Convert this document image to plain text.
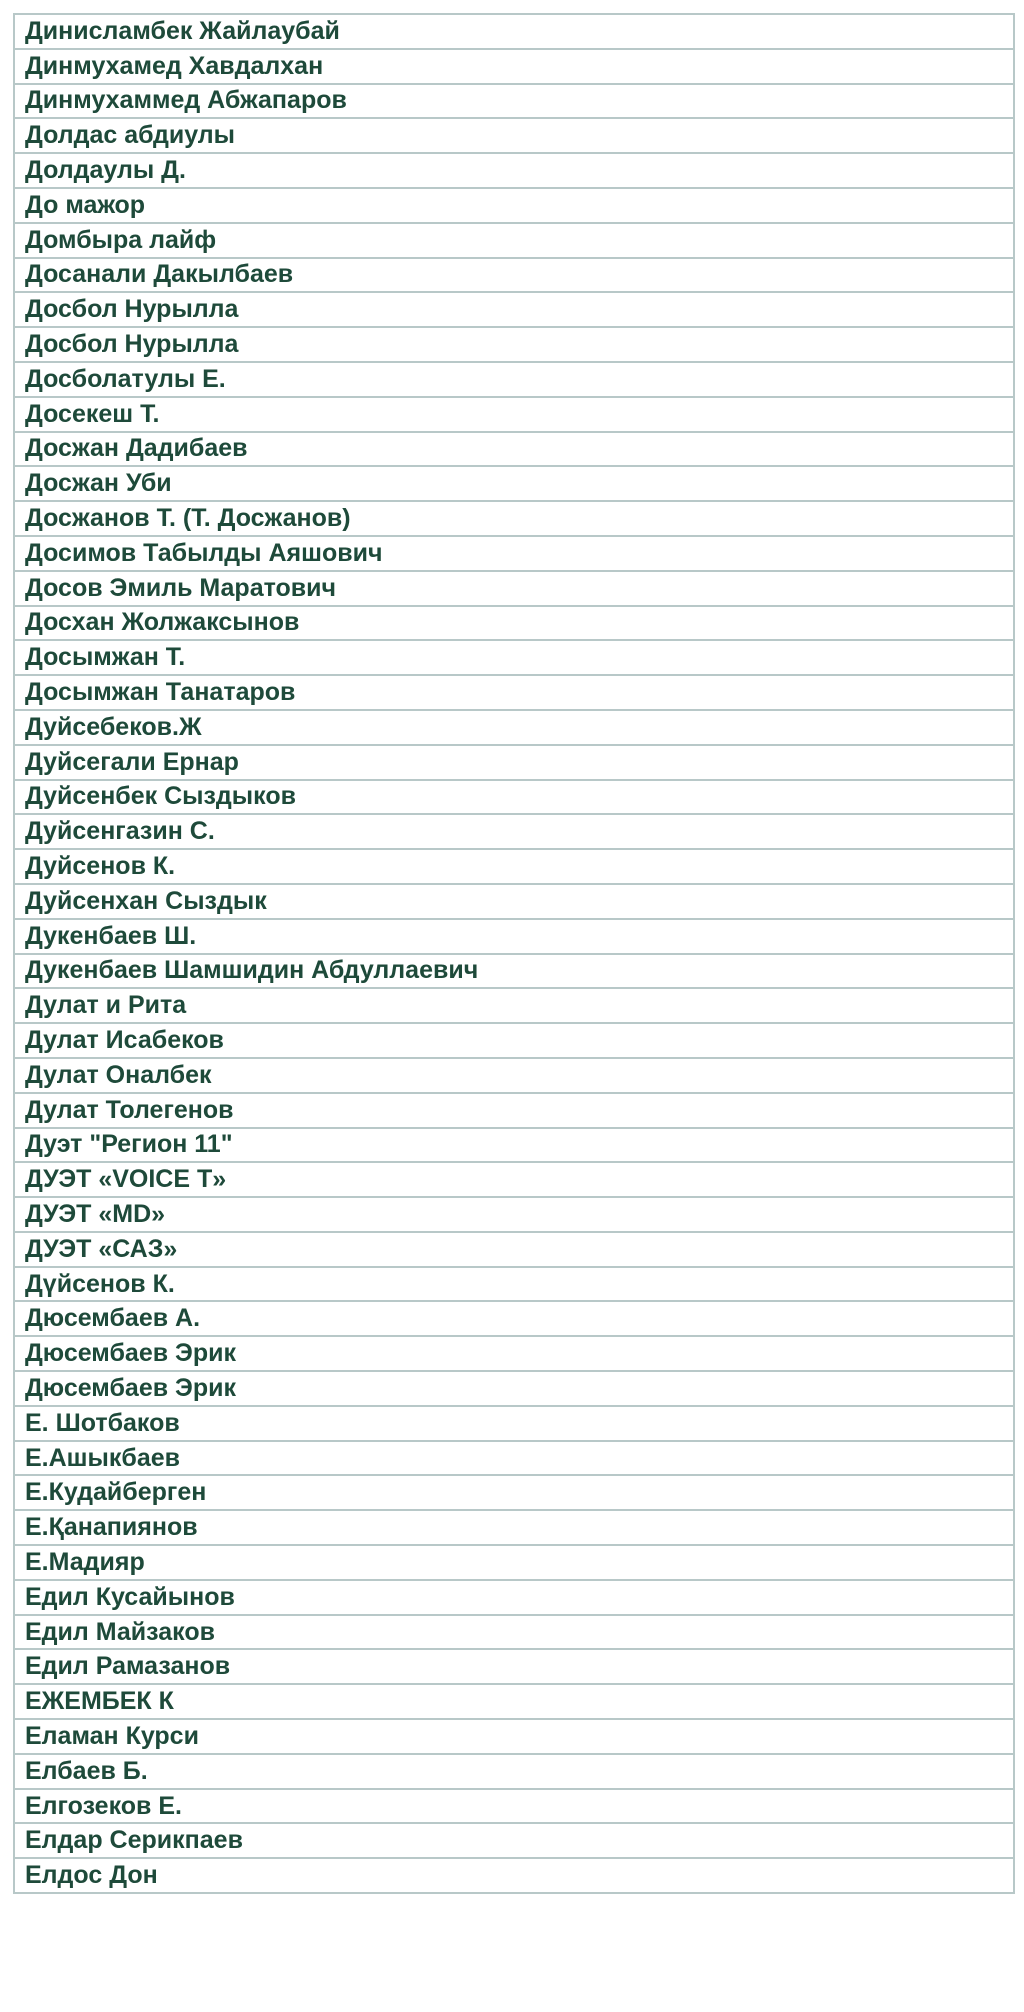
Динисламбек Жайлаубай
Динмухамед Хавдалхан
Динмухаммед Абжапаров
Долдас абдиулы
Долдаулы Д.
До мажор
Домбыра лайф
Досанали Дакылбаев
Досбол Нурылла
Досбол Нурылла
Досболатулы Е.
Досекеш Т.
Досжан Дадибаев
Досжан Уби
Досжанов Т. (Т. Досжанов)
Досимов Табылды Аяшович
Досов Эмиль Маратович
Досхан Жолжаксынов
Досымжан Т.
Досымжан Танатаров
Дуйсебеков.Ж
Дуйсегали Ернар
Дуйсенбек Сыздыков
Дуйсенгазин С.
Дуйсенов К.
Дуйсенхан Сыздык
Дукенбаев Ш.
Дукенбаев Шамшидин Абдуллаевич
Дулат и Рита
Дулат Исабеков
Дулат Оналбек
Дулат Толегенов
Дуэт "Регион 11"
ДУЭТ «VOICE T»
ДУЭТ «MD»
ДУЭТ «САЗ»
Дүйсенов К.
Дюсембаев А.
Дюсембаев Эрик
Дюсембаев Эрик
Е. Шотбаков
Е.Ашыкбаев
Е.Кудайберген
Е.Қанапиянов
Е.Мадияр
Едил Кусайынов
Едил Майзаков
Едил Рамазанов
ЕЖЕМБЕК К
Еламан Курси
Елбаев Б.
Елгозеков Е.
Елдар Серикпаев
Елдос Дон
